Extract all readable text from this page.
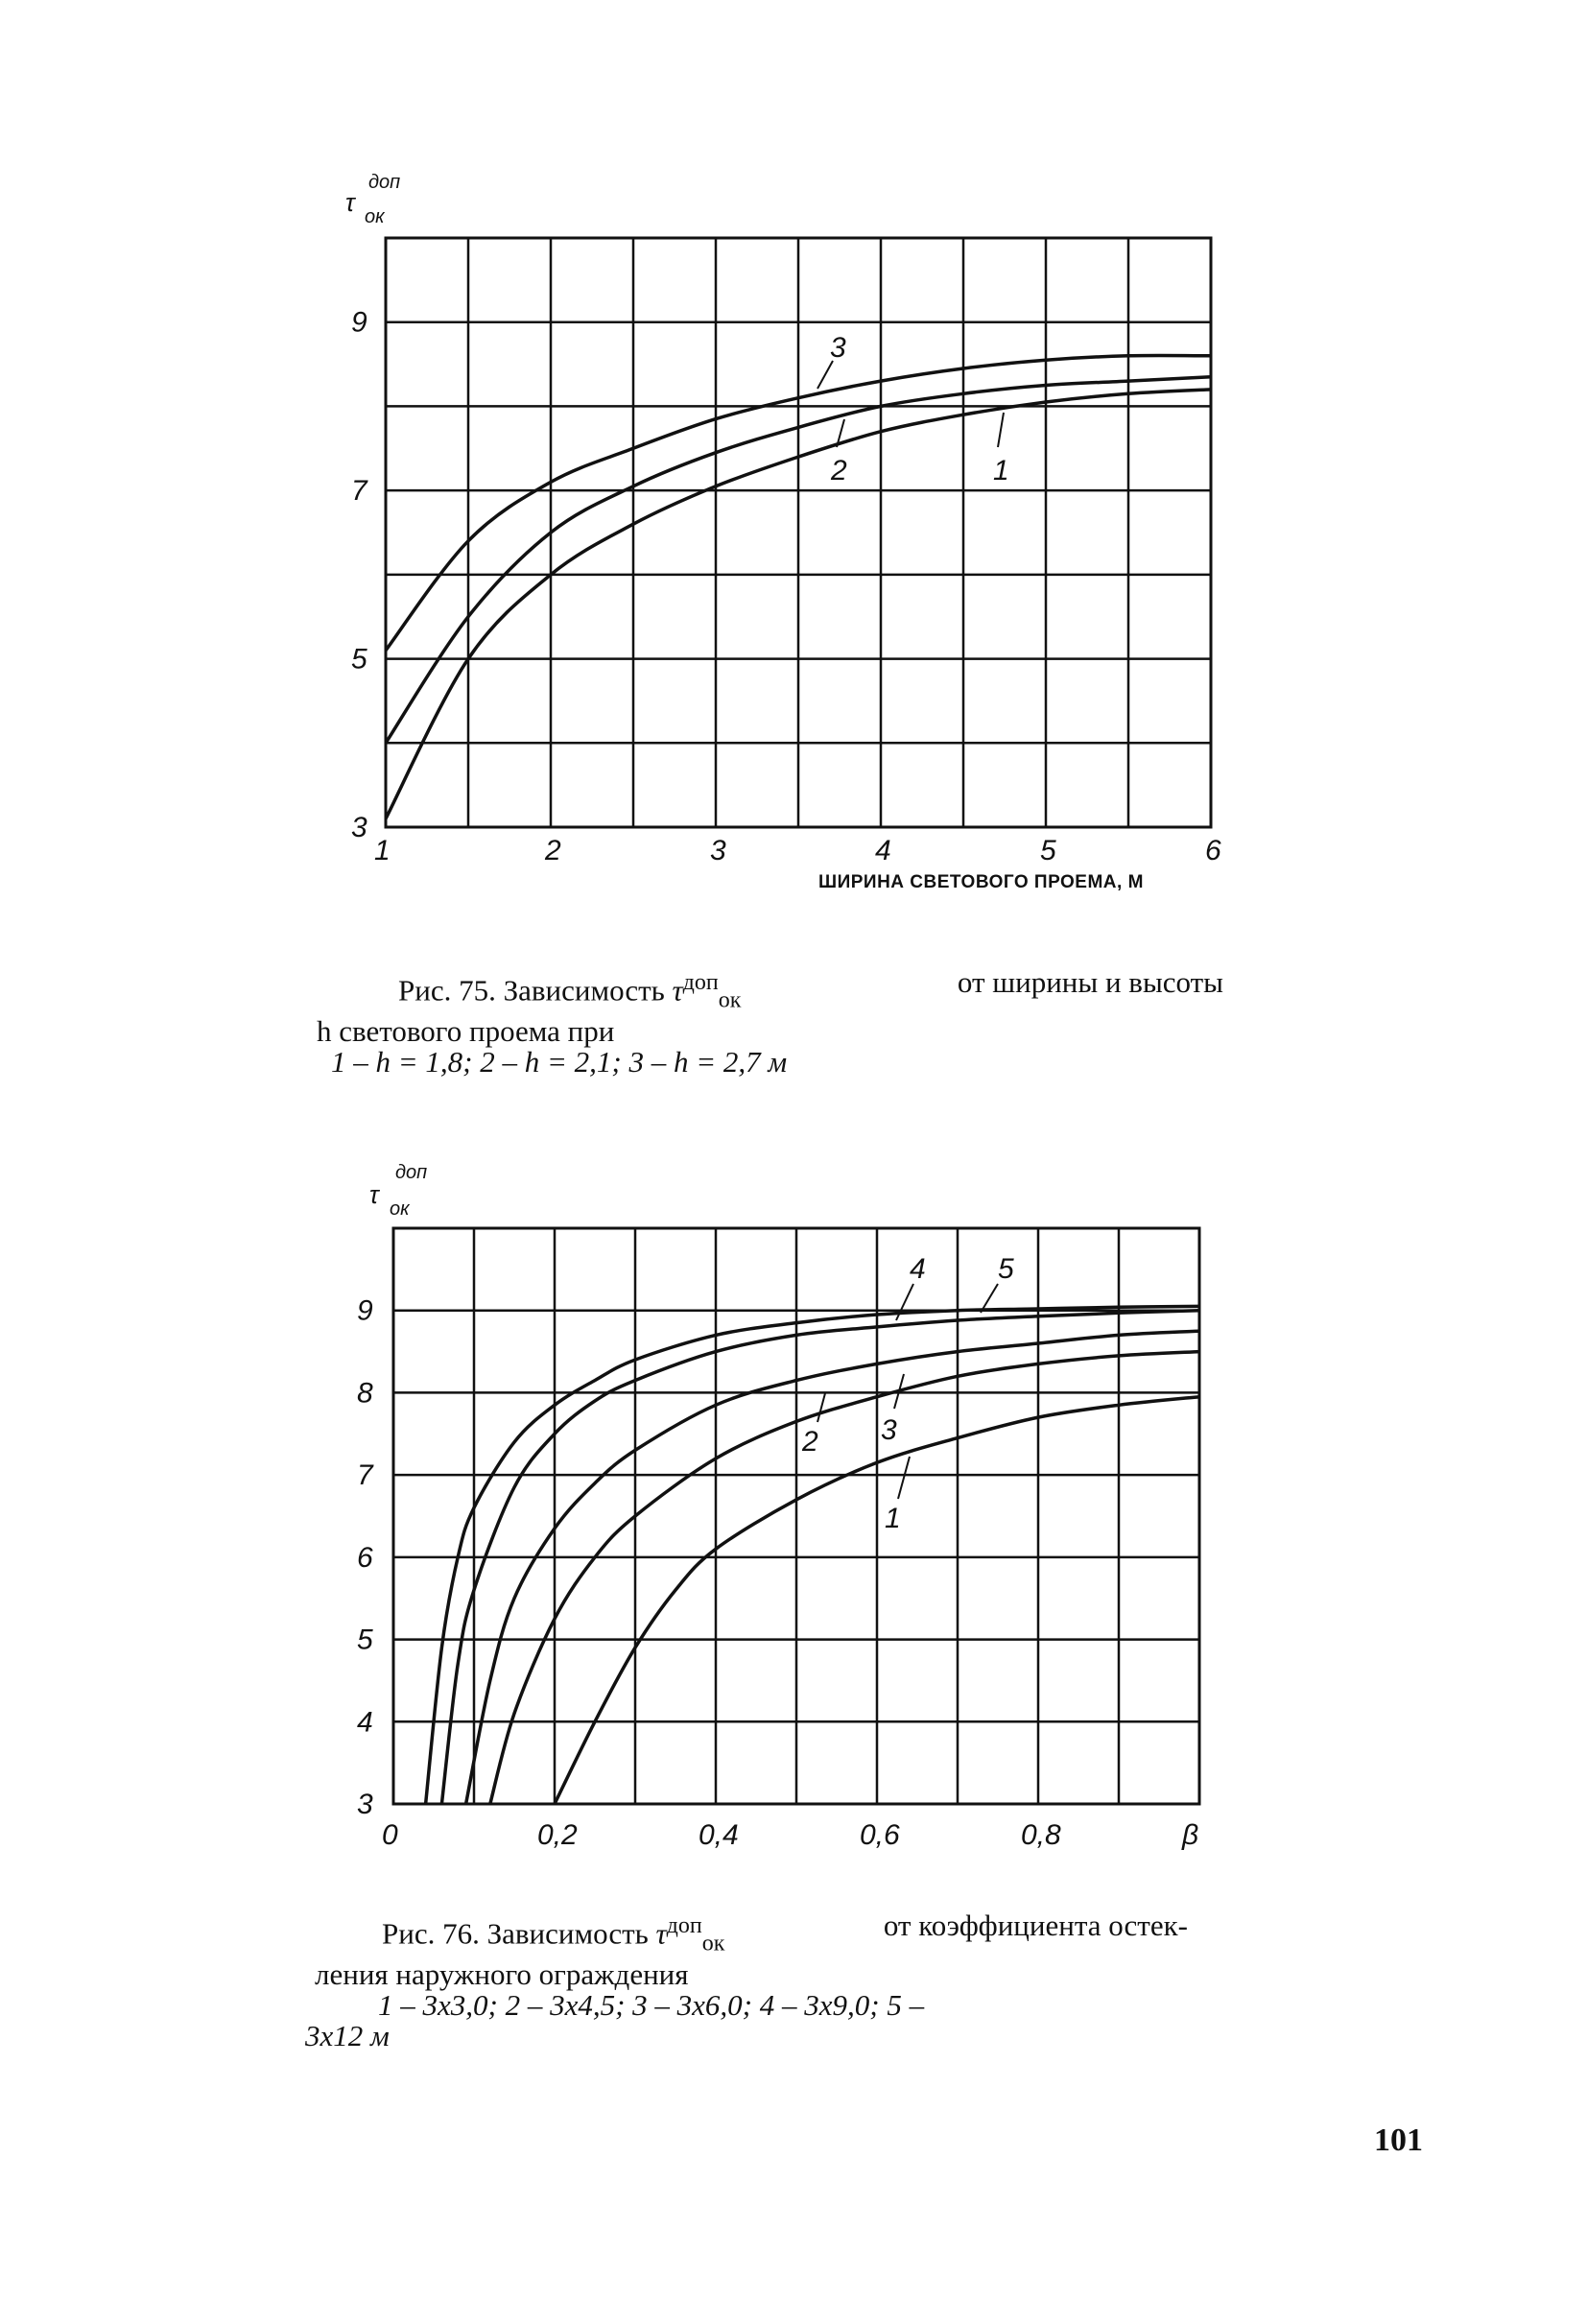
1	2	3	4	5	6
3
5
7
9
τ
доп
ок
ШИРИНА СВЕТОВОГО ПРОЕМА, М
3
2	1
Рис. 75. Зависимость $\tau^{доп}_{ок}$
от ширины и высоты
h светового проема при
1 – h = 1,8; 2 – h = 2,1; 3 – h = 2,7 м
0	0,2	0,4	0,6	0,8	β
3
4
5
6
7
8
9
τ
доп
ок
4	5
3
2
1
Рис. 76. Зависимость $\tau^{доп}_{ок}$
от коэффициента остек-
ления наружного ограждения
1 – 3х3,0; 2 – 3х4,5; 3 – 3х6,0; 4 – 3х9,0; 5 –
3х12 м
101
